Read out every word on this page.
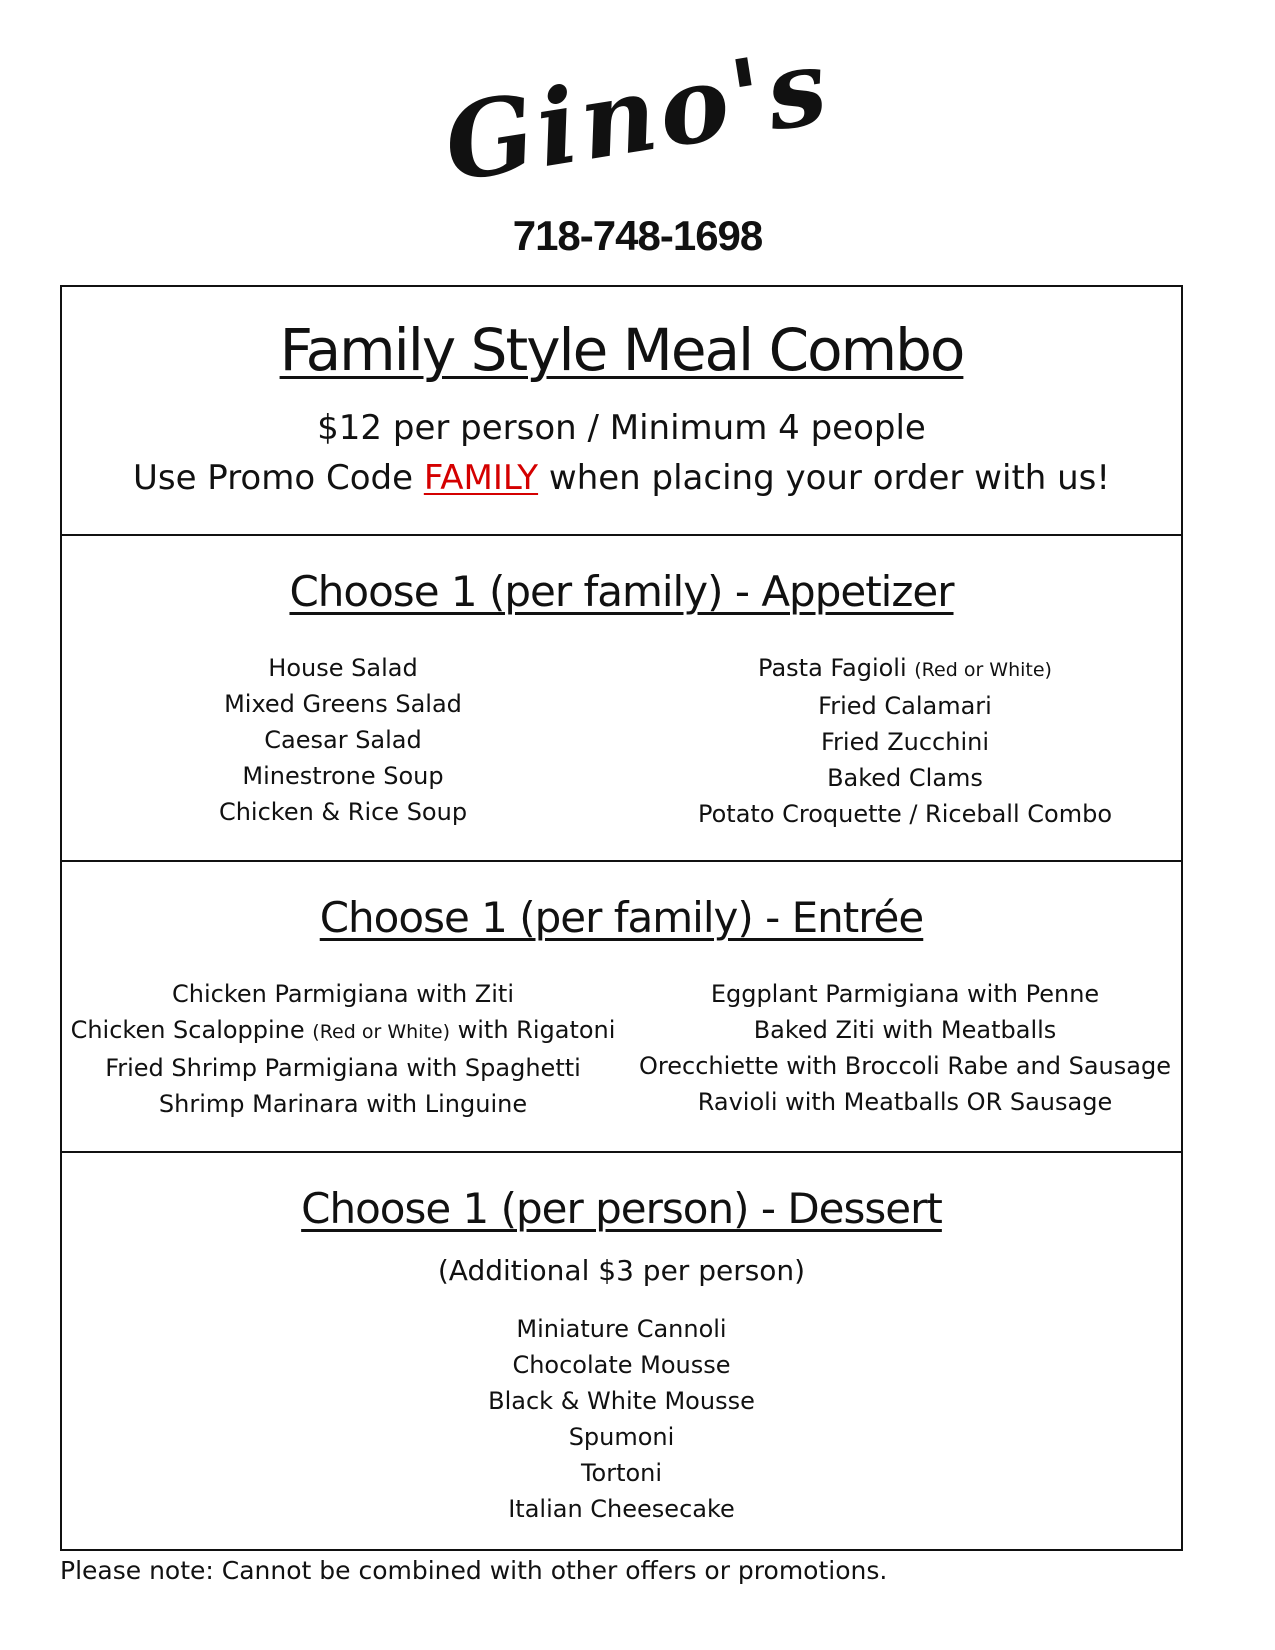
Gino's
718-748-1698
Family Style Meal Combo
$12 per person / Minimum 4 people
Use Promo Code FAMILY when placing your order with us!
Choose 1 (per family) - Appetizer
House Salad
Mixed Greens Salad
Caesar Salad
Minestrone Soup
Chicken & Rice Soup
Pasta Fagioli (Red or White)
Fried Calamari
Fried Zucchini
Baked Clams
Potato Croquette / Riceball Combo
Choose 1 (per family) - Entrée
Chicken Parmigiana with Ziti
Chicken Scaloppine (Red or White) with Rigatoni
Fried Shrimp Parmigiana with Spaghetti
Shrimp Marinara with Linguine
Eggplant Parmigiana with Penne
Baked Ziti with Meatballs
Orecchiette with Broccoli Rabe and Sausage
Ravioli with Meatballs OR Sausage
Choose 1 (per person) - Dessert
(Additional $3 per person)
Miniature Cannoli
Chocolate Mousse
Black & White Mousse
Spumoni
Tortoni
Italian Cheesecake
Please note: Cannot be combined with other offers or promotions.
